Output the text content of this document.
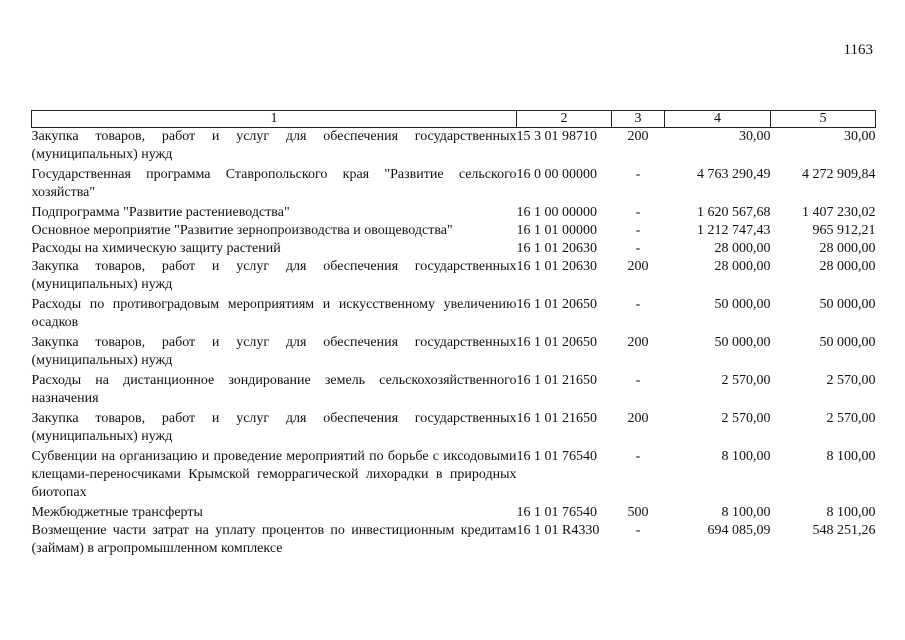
1163
1	2	3	4	5
Закупка товаров, работ и услуг для обеспечения государственных (муниципальных) нужд	15 3 01 98710	200	30,00	30,00
Государственная программа Ставропольского края "Развитие сельского хозяйства"	16 0 00 00000	-	4 763 290,49	4 272 909,84
Подпрограмма "Развитие растениеводства"	16 1 00 00000	-	1 620 567,68	1 407 230,02
Основное мероприятие "Развитие зернопроизводства и овощеводства"	16 1 01 00000	-	1 212 747,43	965 912,21
Расходы на химическую защиту растений	16 1 01 20630	-	28 000,00	28 000,00
Закупка товаров, работ и услуг для обеспечения государственных (муниципальных) нужд	16 1 01 20630	200	28 000,00	28 000,00
Расходы по противоградовым мероприятиям и искусственному увеличению осадков	16 1 01 20650	-	50 000,00	50 000,00
Закупка товаров, работ и услуг для обеспечения государственных (муниципальных) нужд	16 1 01 20650	200	50 000,00	50 000,00
Расходы на дистанционное зондирование земель сельскохозяйственного назначения	16 1 01 21650	-	2 570,00	2 570,00
Закупка товаров, работ и услуг для обеспечения государственных (муниципальных) нужд	16 1 01 21650	200	2 570,00	2 570,00
Субвенции на организацию и проведение мероприятий по борьбе с иксодовыми клещами-переносчиками Крымской геморрагической лихорадки в природных биотопах	16 1 01 76540	-	8 100,00	8 100,00
Межбюджетные трансферты	16 1 01 76540	500	8 100,00	8 100,00
Возмещение части затрат на уплату процентов по инвестиционным кредитам (займам) в агропромышленном комплексе	16 1 01 R4330	-	694 085,09	548 251,26
